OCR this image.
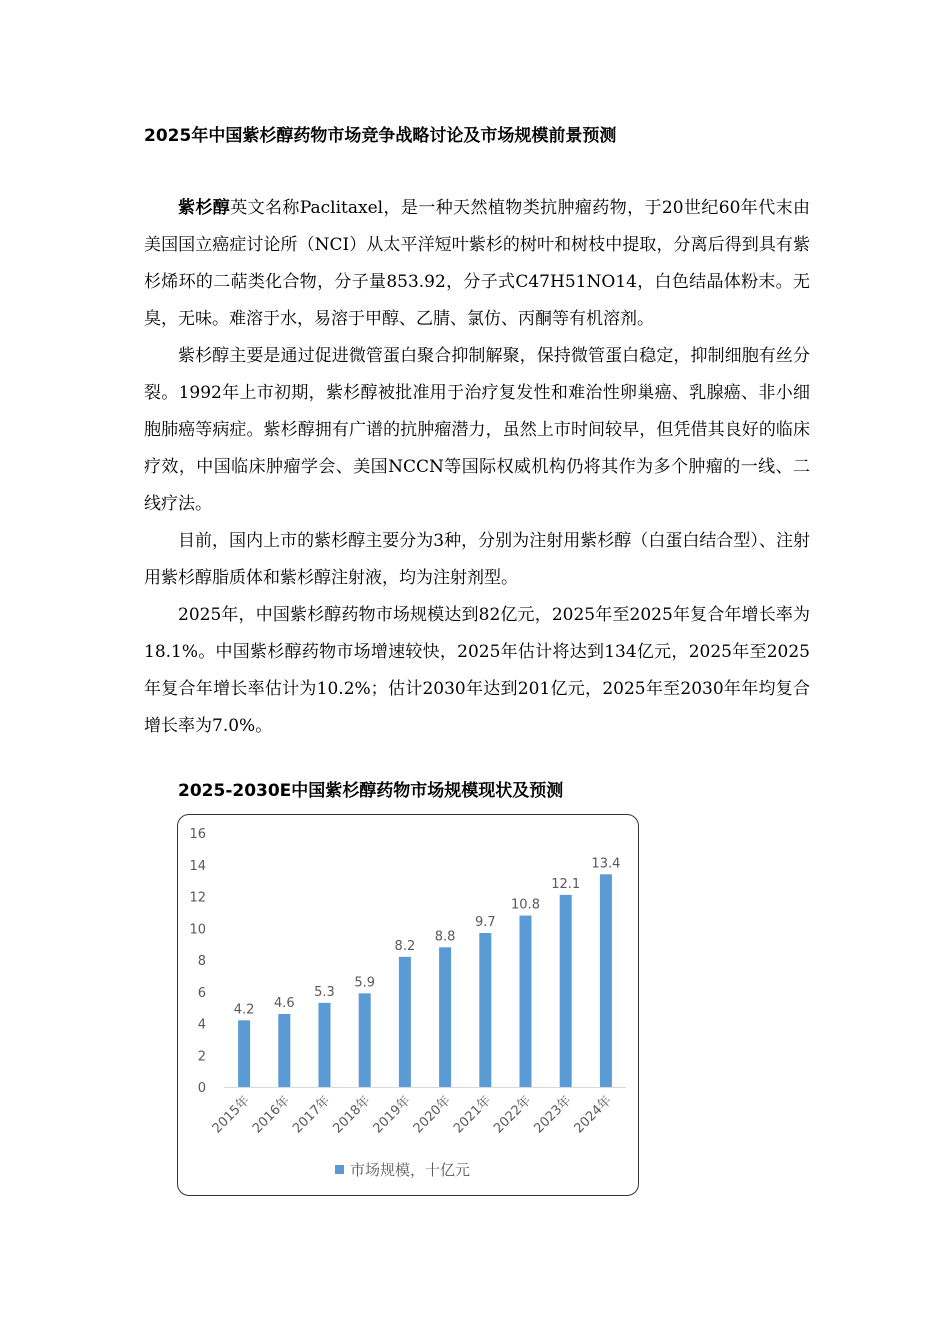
2025年中国紫杉醇药物市场竞争战略讨论及市场规模前景预测

紫杉醇英文名称Paclitaxel，是一种天然植物类抗肿瘤药物，于20世纪60年代末由美国国立癌症讨论所（NCI）从太平洋短叶紫杉的树叶和树枝中提取，分离后得到具有紫杉烯环的二萜类化合物，分子量853.92，分子式C47H51NO14，白色结晶体粉末。无臭，无味。难溶于水，易溶于甲醇、乙腈、氯仿、丙酮等有机溶剂。

紫杉醇主要是通过促进微管蛋白聚合抑制解聚，保持微管蛋白稳定，抑制细胞有丝分裂。1992年上市初期，紫杉醇被批准用于治疗复发性和难治性卵巢癌、乳腺癌、非小细胞肺癌等病症。紫杉醇拥有广谱的抗肿瘤潜力，虽然上市时间较早，但凭借其良好的临床疗效，中国临床肿瘤学会、美国NCCN等国际权威机构仍将其作为多个肿瘤的一线、二线疗法。

目前，国内上市的紫杉醇主要分为3种，分别为注射用紫杉醇（白蛋白结合型）、注射用紫杉醇脂质体和紫杉醇注射液，均为注射剂型。

2025年，中国紫杉醇药物市场规模达到82亿元，2025年至2025年复合年增长率为18.1%。中国紫杉醇药物市场增速较快，2025年估计将达到134亿元，2025年至2025年复合年增长率估计为10.2%；估计2030年达到201亿元，2025年至2030年年均复合增长率为7.0%。

2025-2030E中国紫杉醇药物市场规模现状及预测
0
2
4
6
8
10
12
14
16
4.2
2015年
4.6
2016年
5.3
2017年
5.9
2018年
8.2
2019年
8.8
2020年
9.7
2021年
10.8
2022年
12.1
2023年
13.4
2024年
市场规模，十亿元
